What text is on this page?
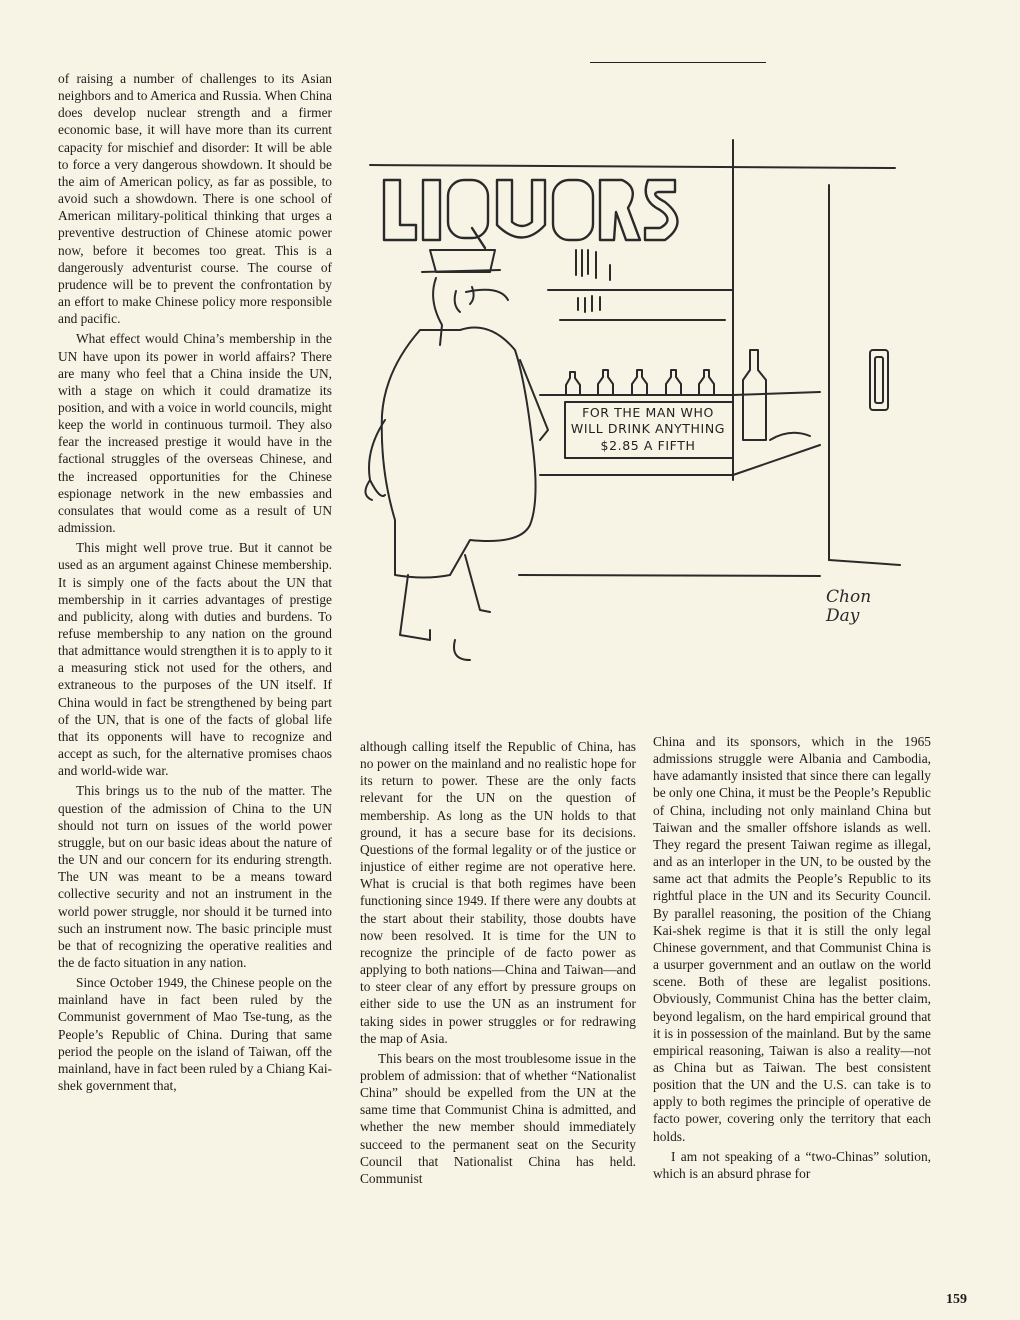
FOR THE MAN WHO
WILL DRINK ANYTHING
$2.85 A FIFTH
Chon Day

of raising a number of challenges to its Asian neighbors and to America and Russia. When China does develop nuclear strength and a firmer economic base, it will have more than its current capacity for mischief and disorder: It will be able to force a very dangerous showdown. It should be the aim of American policy, as far as possible, to avoid such a showdown. There is one school of American military-political thinking that urges a preventive destruction of Chinese atomic power now, before it becomes too great. This is a dangerously adventurist course. The course of prudence will be to prevent the confrontation by an effort to make Chinese policy more responsible and pacific.

What effect would China’s membership in the UN have upon its power in world affairs? There are many who feel that a China inside the UN, with a stage on which it could dramatize its position, and with a voice in world councils, might keep the world in continuous turmoil. They also fear the increased prestige it would have in the factional struggles of the overseas Chinese, and the increased opportunities for the Chinese espionage network in the new embassies and consulates that would come as a result of UN admission.

This might well prove true. But it cannot be used as an argument against Chinese membership. It is simply one of the facts about the UN that membership in it carries advantages of prestige and publicity, along with duties and burdens. To refuse membership to any nation on the ground that admittance would strengthen it is to apply to it a measuring stick not used for the others, and extraneous to the purposes of the UN itself. If China would in fact be strengthened by being part of the UN, that is one of the facts of global life that its opponents will have to recognize and accept as such, for the alternative promises chaos and world-wide war.

This brings us to the nub of the matter. The question of the admission of China to the UN should not turn on issues of the world power struggle, but on our basic ideas about the nature of the UN and our concern for its enduring strength. The UN was meant to be a means toward collective security and not an instrument in the world power struggle, nor should it be turned into such an instrument now. The basic principle must be that of recognizing the operative realities and the de facto situation in any nation.

Since October 1949, the Chinese people on the mainland have in fact been ruled by the Communist government of Mao Tse-tung, as the People’s Republic of China. During that same period the people on the island of Taiwan, off the mainland, have in fact been ruled by a Chiang Kai-shek government that,

although calling itself the Republic of China, has no power on the mainland and no realistic hope for its return to power. These are the only facts relevant for the UN on the question of membership. As long as the UN holds to that ground, it has a secure base for its decisions. Questions of the formal legality or of the justice or injustice of either regime are not operative here. What is crucial is that both regimes have been functioning since 1949. If there were any doubts at the start about their stability, those doubts have now been resolved. It is time for the UN to recognize the principle of de facto power as applying to both nations—China and Taiwan—and to steer clear of any effort by pressure groups on either side to use the UN as an instrument for taking sides in power struggles or for redrawing the map of Asia.

This bears on the most troublesome issue in the problem of admission: that of whether “Nationalist China” should be expelled from the UN at the same time that Communist China is admitted, and whether the new member should immediately succeed to the permanent seat on the Security Council that Nationalist China has held. Communist

China and its sponsors, which in the 1965 admissions struggle were Albania and Cambodia, have adamantly insisted that since there can legally be only one China, it must be the People’s Republic of China, including not only mainland China but Taiwan and the smaller offshore islands as well. They regard the present Taiwan regime as illegal, and as an interloper in the UN, to be ousted by the same act that admits the People’s Republic to its rightful place in the UN and its Security Council. By parallel reasoning, the position of the Chiang Kai-shek regime is that it is still the only legal Chinese government, and that Communist China is a usurper government and an outlaw on the world scene. Both of these are legalist positions. Obviously, Communist China has the better claim, beyond legalism, on the hard empirical ground that it is in possession of the mainland. But by the same empirical reasoning, Taiwan is also a reality—not as China but as Taiwan. The best consistent position that the UN and the U.S. can take is to apply to both regimes the principle of operative de facto power, covering only the territory that each holds.

I am not speaking of a “two-Chinas” solution, which is an absurd phrase for

159
